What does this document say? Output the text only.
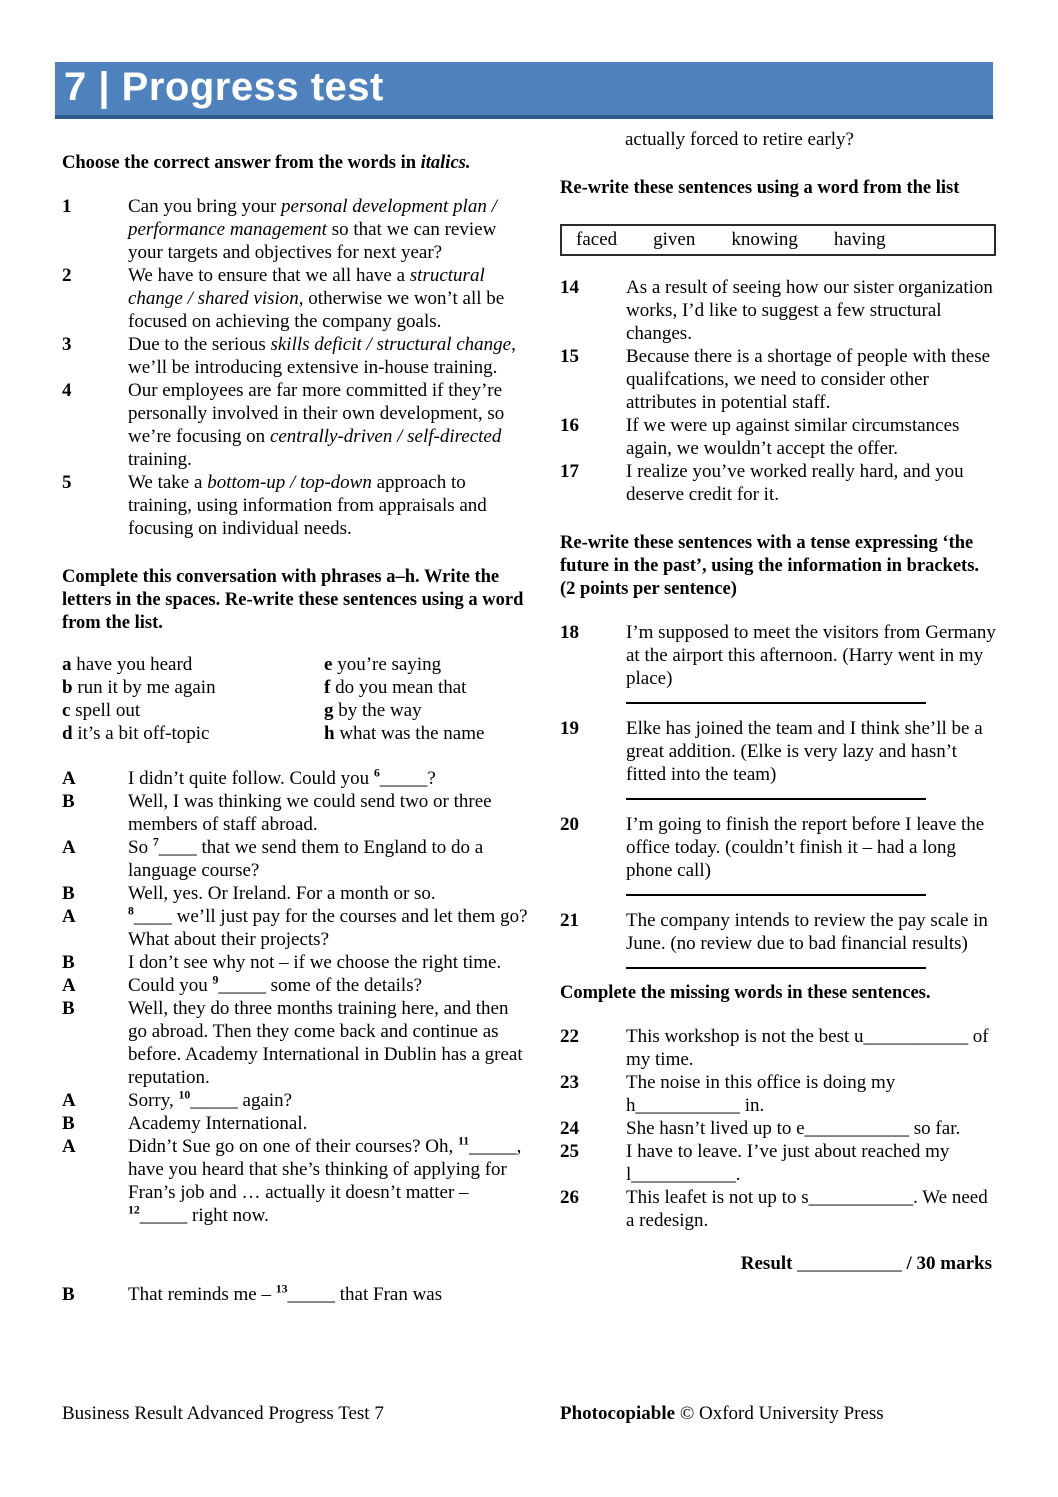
7 | Progress test
Choose the correct answer from the words in italics.
1	Can you bring your personal development plan / performance management so that we can review your targets and objectives for next year?
2	We have to ensure that we all have a structural change / shared vision, otherwise we won’t all be focused on achieving the company goals.
3	Due to the serious skills deficit / structural change, we’ll be introducing extensive in-house training.
4	Our employees are far more committed if they’re personally involved in their own development, so we’re focusing on centrally-driven / self-directed training.
5	We take a bottom-up / top-down approach to training, using information from appraisals and focusing on individual needs.
Complete this conversation with phrases a–h. Write the letters in the spaces. Re-write these sentences using a word from the list.
a have you heard	e you’re saying
b run it by me again	f do you mean that
c spell out	g by the way
d it’s a bit off-topic	h what was the name
A	I didn’t quite follow. Could you $^6$_____?
B	Well, I was thinking we could send two or three members of staff abroad.
A	So $^7$____ that we send them to England to do a language course?
B	Well, yes. Or Ireland. For a month or so.
A	$^8$____ we’ll just pay for the courses and let them go? What about their projects?
B	I don’t see why not – if we choose the right time.
A	Could you $^9$_____ some of the details?
B	Well, they do three months training here, and then go abroad. Then they come back and continue as before. Academy International in Dublin has a great reputation.
A	Sorry, $^{10}$_____ again?
B	Academy International.
A	Didn’t Sue go on one of their courses? Oh, $^{11}$_____, have you heard that she’s thinking of applying for Fran’s job and … actually it doesn’t matter – $^{12}$_____ right now.
B	That reminds me – $^{13}$_____ that Fran was
actually forced to retire early?
Re-write these sentences using a word from the list
faced given knowing having
14	As a result of seeing how our sister organization works, I’d like to suggest a few structural changes.
15	Because there is a shortage of people with these qualifcations, we need to consider other attributes in potential staff.
16	If we were up against similar circumstances again, we wouldn’t accept the offer.
17	I realize you’ve worked really hard, and you deserve credit for it.
Re-write these sentences with a tense expressing ‘the future in the past’, using the information in brackets. (2 points per sentence)
18	I’m supposed to meet the visitors from Germany at the airport this afternoon. (Harry went in my place)
19	Elke has joined the team and I think she’ll be a great addition. (Elke is very lazy and hasn’t fitted into the team)
20	I’m going to finish the report before I leave the office today. (couldn’t finish it – had a long phone call)
21	The company intends to review the pay scale in June. (no review due to bad financial results)
Complete the missing words in these sentences.
22	This workshop is not the best u___________ of my time.
23	The noise in this office is doing my h___________ in.
24	She hasn’t lived up to e___________ so far.
25	I have to leave. I’ve just about reached my l___________.
26	This leafet is not up to s___________. We need a redesign.
Result ___________ / 30 marks
Business Result Advanced Progress Test 7	Photocopiable © Oxford University Press
